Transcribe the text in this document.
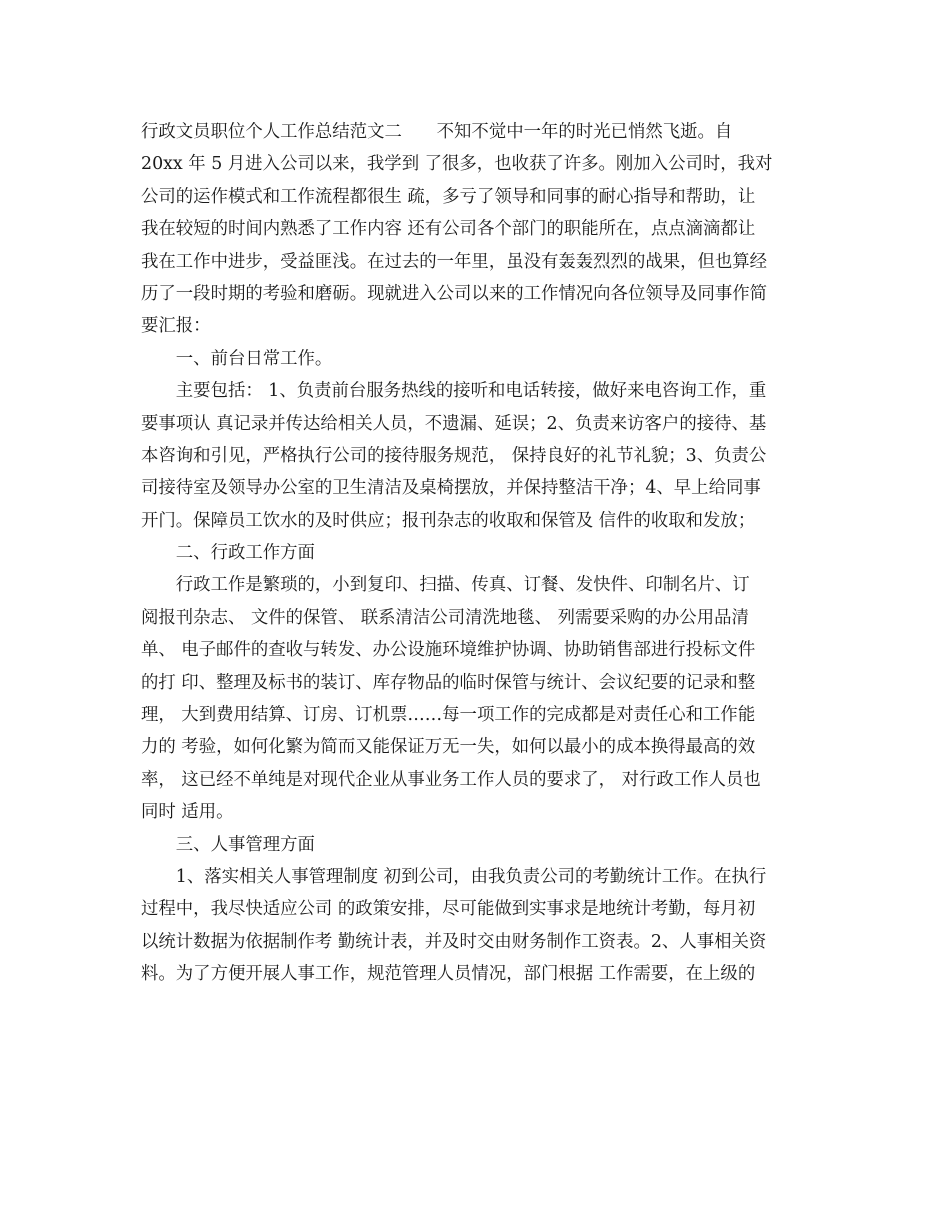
行政文员职位个人工作总结范文二　　不知不觉中一年的时光已悄然飞逝。自
20xx 年 5 月进入公司以来，我学到 了很多，也收获了许多。刚加入公司时，我对
公司的运作模式和工作流程都很生 疏，多亏了领导和同事的耐心指导和帮助，让
我在较短的时间内熟悉了工作内容 还有公司各个部门的职能所在，点点滴滴都让
我在工作中进步，受益匪浅。在过去的一年里，虽没有轰轰烈烈的战果，但也算经
历了一段时期的考验和磨砺。现就进入公司以来的工作情况向各位领导及同事作简
要汇报：
　　一、前台日常工作。
　　主要包括： 1、负责前台服务热线的接听和电话转接，做好来电咨询工作，重
要事项认 真记录并传达给相关人员，不遗漏、延误；2、负责来访客户的接待、基
本咨询和引见，严格执行公司的接待服务规范， 保持良好的礼节礼貌；3、负责公
司接待室及领导办公室的卫生清洁及桌椅摆放，并保持整洁干净；4、早上给同事
开门。保障员工饮水的及时供应；报刊杂志的收取和保管及 信件的收取和发放；
　　二、行政工作方面
　　行政工作是繁琐的，小到复印、扫描、传真、订餐、发快件、印制名片、订
阅报刊杂志、 文件的保管、 联系清洁公司清洗地毯、 列需要采购的办公用品清
单、 电子邮件的查收与转发、办公设施环境维护协调、协助销售部进行投标文件
的打 印、整理及标书的装订、库存物品的临时保管与统计、会议纪要的记录和整
理， 大到费用结算、订房、订机票……每一项工作的完成都是对责任心和工作能
力的 考验，如何化繁为简而又能保证万无一失，如何以最小的成本换得最高的效
率， 这已经不单纯是对现代企业从事业务工作人员的要求了， 对行政工作人员也
同时 适用。
　　三、人事管理方面
　　1、落实相关人事管理制度 初到公司，由我负责公司的考勤统计工作。在执行
过程中，我尽快适应公司 的政策安排，尽可能做到实事求是地统计考勤，每月初
以统计数据为依据制作考 勤统计表，并及时交由财务制作工资表。2、人事相关资
料。为了方便开展人事工作，规范管理人员情况，部门根据 工作需要，在上级的
